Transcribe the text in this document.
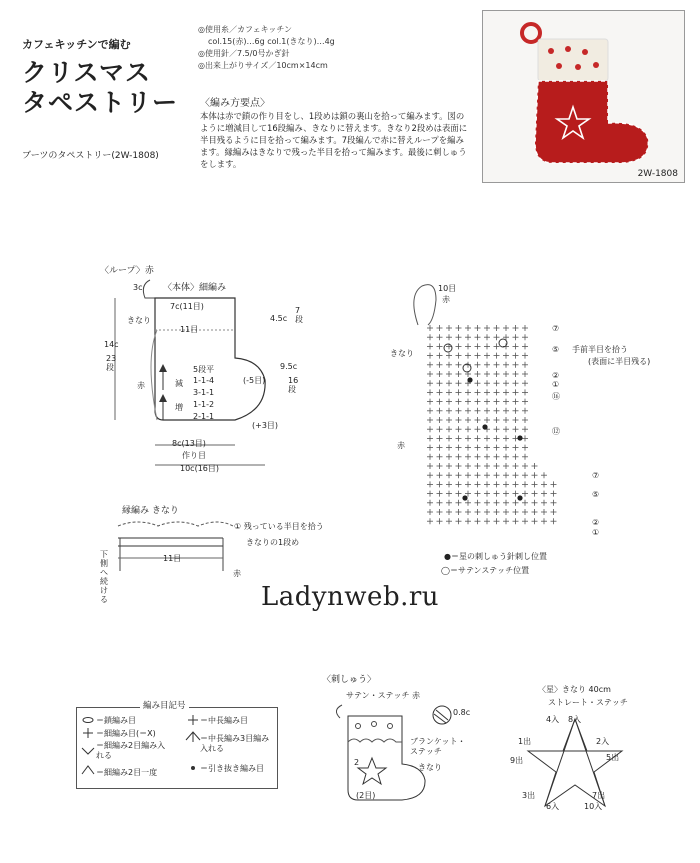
カフェキッチンで編む
クリスマス
タペストリー
ブーツのタペストリー(2W-1808)
◎使用糸／カフェキッチン
col.15(赤)…6g col.1(きなり)…4g
◎使用針／7.5/0号かぎ針
◎出来上がりサイズ／10cm×14cm
〈編み方要点〉
本体は赤で鎖の作り目をし、1段めは鎖の裏山を拾って編みます。図のように増減目して16段編み、きなりに替えます。きなり2段めは表面に半目残るように目を拾って編みます。7段編んで赤に替えループを編みます。縁編みはきなりで残った半目を拾って編みます。最後に刺しゅうをします。
2W-1808
〈ループ〉赤
〈本体〉細編み
3c
7c(11目)
11目
きなり
赤
14c
23段
4.5c
7段
9.5c
16段
減
増
5段平
1-1-4
3-1-1
1-1-2
2-1-1
(-5目)
(+3目)
8c(13目)
作り目
10c(16目)
縁編み きなり
① 残っている半目を拾う
きなりの1段め
11目
下側へ続ける
赤
10目
赤
きなり
赤
⑦
⑤
②
①
⑯
手前半目を拾う
(表面に半目残る)
⑫
⑦
⑤
②
①
●＝星の刺しゅう針刺し位置
◯＝サテンステッチ位置
Ladynweb.ru
編み目記号
＝鎖編み目
＝細編み目(＝X)
＝細編み2目編み入れる
＝細編み2目一度
＝中長編み目
＝中長編み3目編み入れる
＝引き抜き編み目
〈刺しゅう〉
サテン・ステッチ 赤
0.8c
ブランケット・ステッチ
きなり
2
(2目)
〈星〉きなり 40cm
ストレート・ステッチ
4入 8入
1出	2入
9出	5出
3出	7出
6入	10入
